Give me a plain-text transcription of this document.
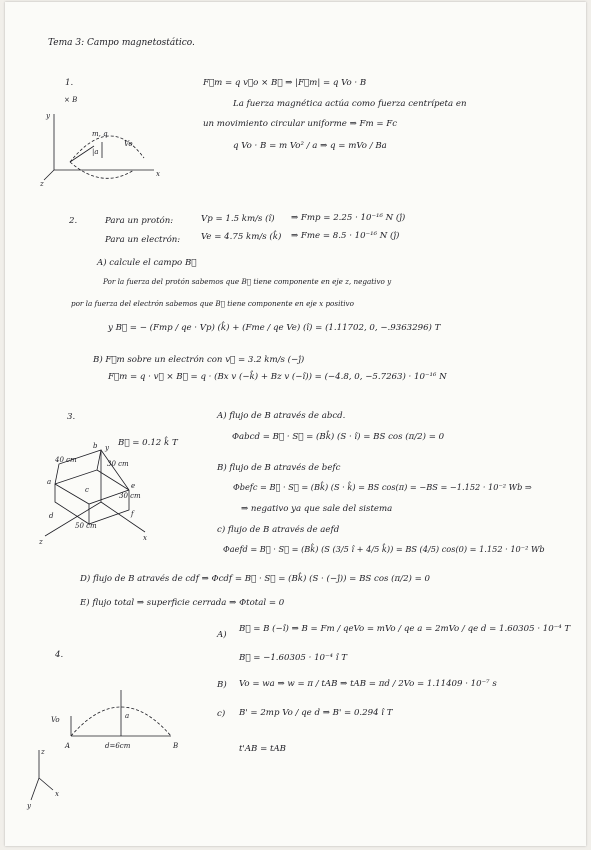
Tema 3: Campo magnetostático.
1.	F⃗m = q v⃗o × B⃗ ⇒ |F⃗m| = q Vo · B
La fuerza magnética actúa como fuerza centrípeta en
un movimiento circular uniforme ⇒ Fm = Fc
q Vo · B = m Vo² / a ⇒ q = mVo / Ba
× B
y
x
z
m, q
|a
Vo
2.	Para un protón:	Vp = 1.5 km/s (î) ⇒ Fmp = 2.25 · 10⁻¹⁶ N (ĵ)
Para un electrón: Ve = 4.75 km/s (k̂) ⇒ Fme = 8.5 · 10⁻¹⁶ N (ĵ)
A) calcule el campo B⃗
Por la fuerza del protón sabemos que B⃗ tiene componente en eje z, negativo y
por la fuerza del electrón sabemos que B⃗ tiene componente en eje x positivo
y B⃗ = − (Fmp / qe · Vp) (k̂) + (Fme / qe Ve) (î) = (1.11702, 0, −.9363296) T
B) F⃗m sobre un electrón con v⃗ = 3.2 km/s (−ĵ)
F⃗m = q · v⃗ × B⃗ = q · (Bx v (−k̂) + Bz v (−î)) = (−4.8, 0, −5.7263) · 10⁻¹⁶ N
3.	A) flujo de B através de abcd.
B⃗ = 0.12 k̂ T
Φabcd = B⃗ · S⃗ = (Bk̂) (S · î) = BS cos (π/2) = 0
B) flujo de B através de befc
Φbefc = B⃗ · S⃗ = (Bk̂) (S · k̂) = BS cos(π) = −BS = −1.152 · 10⁻² Wb ⇒
⇒ negativo ya que sale del sistema
c) flujo de B através de aefd
Φaefd = B⃗ · S⃗ = (Bk̂) (S (3/5 î + 4/5 k̂)) = BS (4/5) cos(0) = 1.152 · 10⁻² Wb
D) flujo de B através de cdf ⇒ Φcdf = B⃗ · S⃗ = (Bk̂) (S · (−ĵ)) = BS cos (π/2) = 0
E) flujo total ⇒ superficie cerrada ⇒ Φtotal = 0
y
x
z
b
e
a
c
d	f
40 cm	30 cm
30 cm
50 cm
4.
A)
B⃗ = B (−î) ⇒ B = Fm / qeVo = mVo / qe a = 2mVo / qe d = 1.60305 · 10⁻⁴ T
B⃗ = −1.60305 · 10⁻⁴ î T
B) Vo = wa ⇒ w = π / tAB ⇒ tAB = πd / 2Vo = 1.11409 · 10⁻⁷ s
c) B' = 2mp Vo / qe d ⇒ B' = 0.294 î T
t'AB = tAB
Vo	a
A	B
d=6cm
z
x
y
